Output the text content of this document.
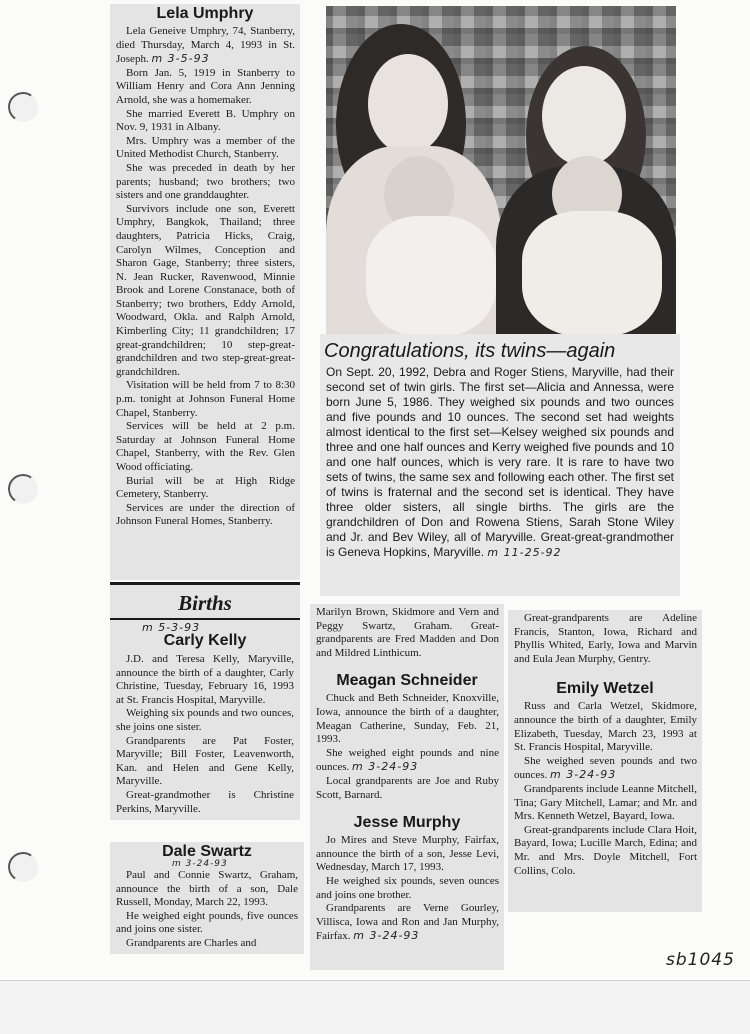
Lela Umphry

Lela Geneive Umphry, 74, Stanberry, died Thursday, March 4, 1993 in St. Joseph. m 3-5-93

Born Jan. 5, 1919 in Stanberry to William Henry and Cora Ann Jenning Arnold, she was a homemaker.

She married Everett B. Umphry on Nov. 9, 1931 in Albany.

Mrs. Umphry was a member of the United Methodist Church, Stanberry.

She was preceded in death by her parents; husband; two brothers; two sisters and one granddaughter.

Survivors include one son, Everett Umphry, Bangkok, Thailand; three daughters, Patricia Hicks, Craig, Carolyn Wilmes, Conception and Sharon Gage, Stanberry; three sisters, N. Jean Rucker, Ravenwood, Minnie Brook and Lorene Constanace, both of Stanberry; two brothers, Eddy Arnold, Woodward, Okla. and Ralph Arnold, Kimberling City; 11 grandchildren; 17 great-grandchildren; 10 step-great-grandchildren and two step-great-great-grandchildren.

Visitation will be held from 7 to 8:30 p.m. tonight at Johnson Funeral Home Chapel, Stanberry.

Services will be held at 2 p.m. Saturday at Johnson Funeral Home Chapel, Stanberry, with the Rev. Glen Wood officiating.

Burial will be at High Ridge Cemetery, Stanberry.

Services are under the direction of Johnson Funeral Homes, Stanberry.

Congratulations, its twins—again
On Sept. 20, 1992, Debra and Roger Stiens, Maryville, had their second set of twin girls. The first set—Alicia and Annessa, were born June 5, 1986. They weighed six pounds and two ounces and five pounds and 10 ounces. The second set had weights almost identical to the first set—Kelsey weighed six pounds and three and one half ounces and Kerry weighed five pounds and 10 and one half ounces, which is very rare. It is rare to have two sets of twins, the same sex and following each other. The first set of twins is fraternal and the second set is identical. They have three older sisters, all single births. The girls are the grandchildren of Don and Rowena Stiens, Sarah Stone Wiley and Jr. and Bev Wiley, all of Maryville. Great-great-grandmother is Geneva Hopkins, Maryville. m 11-25-92
Births
m 5-3-93
Carly Kelly

J.D. and Teresa Kelly, Maryville, announce the birth of a daughter, Carly Christine, Tuesday, February 16, 1993 at St. Francis Hospital, Maryville.

Weighing six pounds and two ounces, she joins one sister.

Grandparents are Pat Foster, Maryville; Bill Foster, Leavenworth, Kan. and Helen and Gene Kelly, Maryville.

Great-grandmother is Christine Perkins, Maryville.

Dale Swartz
m 3-24-93

Paul and Connie Swartz, Graham, announce the birth of a son, Dale Russell, Monday, March 22, 1993.

He weighed eight pounds, five ounces and joins one sister.

Grandparents are Charles and

Marilyn Brown, Skidmore and Vern and Peggy Swartz, Graham. Great-grandparents are Fred Madden and Don and Mildred Linthicum.

Meagan Schneider

Chuck and Beth Schneider, Knoxville, Iowa, announce the birth of a daughter, Meagan Catherine, Sunday, Feb. 21, 1993.

She weighed eight pounds and nine ounces. m 3-24-93

Local grandparents are Joe and Ruby Scott, Barnard.

Jesse Murphy

Jo Mires and Steve Murphy, Fairfax, announce the birth of a son, Jesse Levi, Wednesday, March 17, 1993.

He weighed six pounds, seven ounces and joins one brother.

Grandparents are Verne Gourley, Villisca, Iowa and Ron and Jan Murphy, Fairfax. m 3-24-93

Great-grandparents are Adeline Francis, Stanton, Iowa, Richard and Phyllis Whited, Early, Iowa and Marvin and Eula Jean Murphy, Gentry.

Emily Wetzel

Russ and Carla Wetzel, Skidmore, announce the birth of a daughter, Emily Elizabeth, Tuesday, March 23, 1993 at St. Francis Hospital, Maryville.

She weighed seven pounds and two ounces. m 3-24-93

Grandparents include Leanne Mitchell, Tina; Gary Mitchell, Lamar; and Mr. and Mrs. Kenneth Wetzel, Bayard, Iowa.

Great-grandparents include Clara Hoit, Bayard, Iowa; Lucille March, Edina; and Mr. and Mrs. Doyle Mitchell, Fort Collins, Colo.

sb1045
